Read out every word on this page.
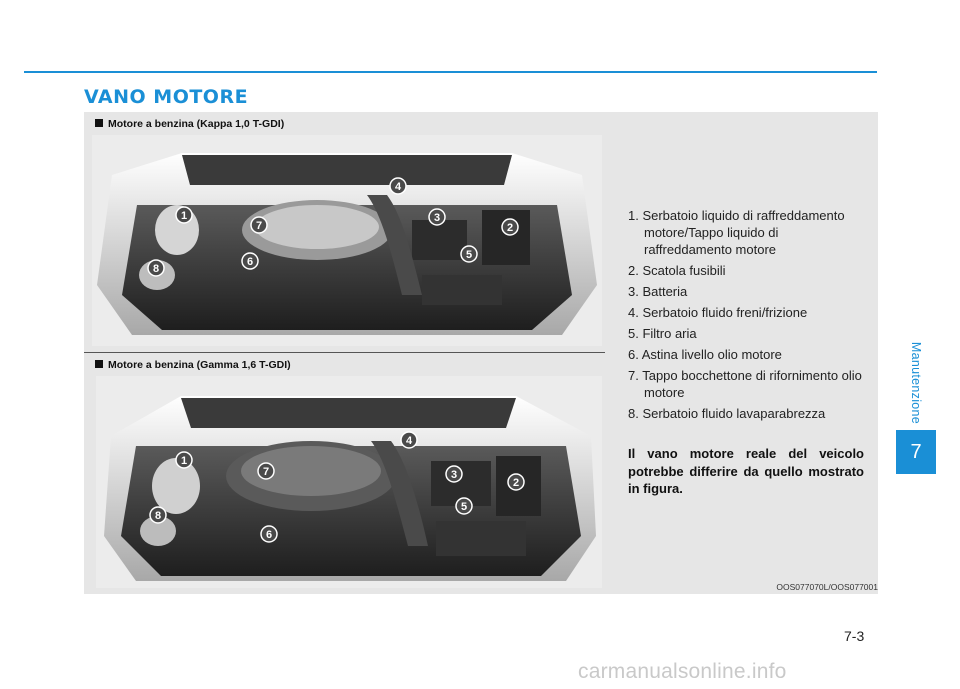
VANO MOTORE
Motore a benzina (Kappa 1,0 T-GDI)
1
2
3
4
5
6
7
8
Motore a benzina (Gamma 1,6 T-GDI)
1
2
3
4
5
6
7
8
1. Serbatoio liquido di raffreddamento motore/Tappo liquido di raffreddamento motore
2. Scatola fusibili
3. Batteria
4. Serbatoio fluido freni/frizione
5. Filtro aria
6. Astina livello olio motore
7. Tappo bocchettone di rifornimento olio motore
8. Serbatoio fluido lavaparabrezza

Il vano motore reale del veicolo potrebbe differire da quello mostrato in figura.

OOS077070L/OOS077001
Manutenzione
7
7-3
carmanualsonline.info
